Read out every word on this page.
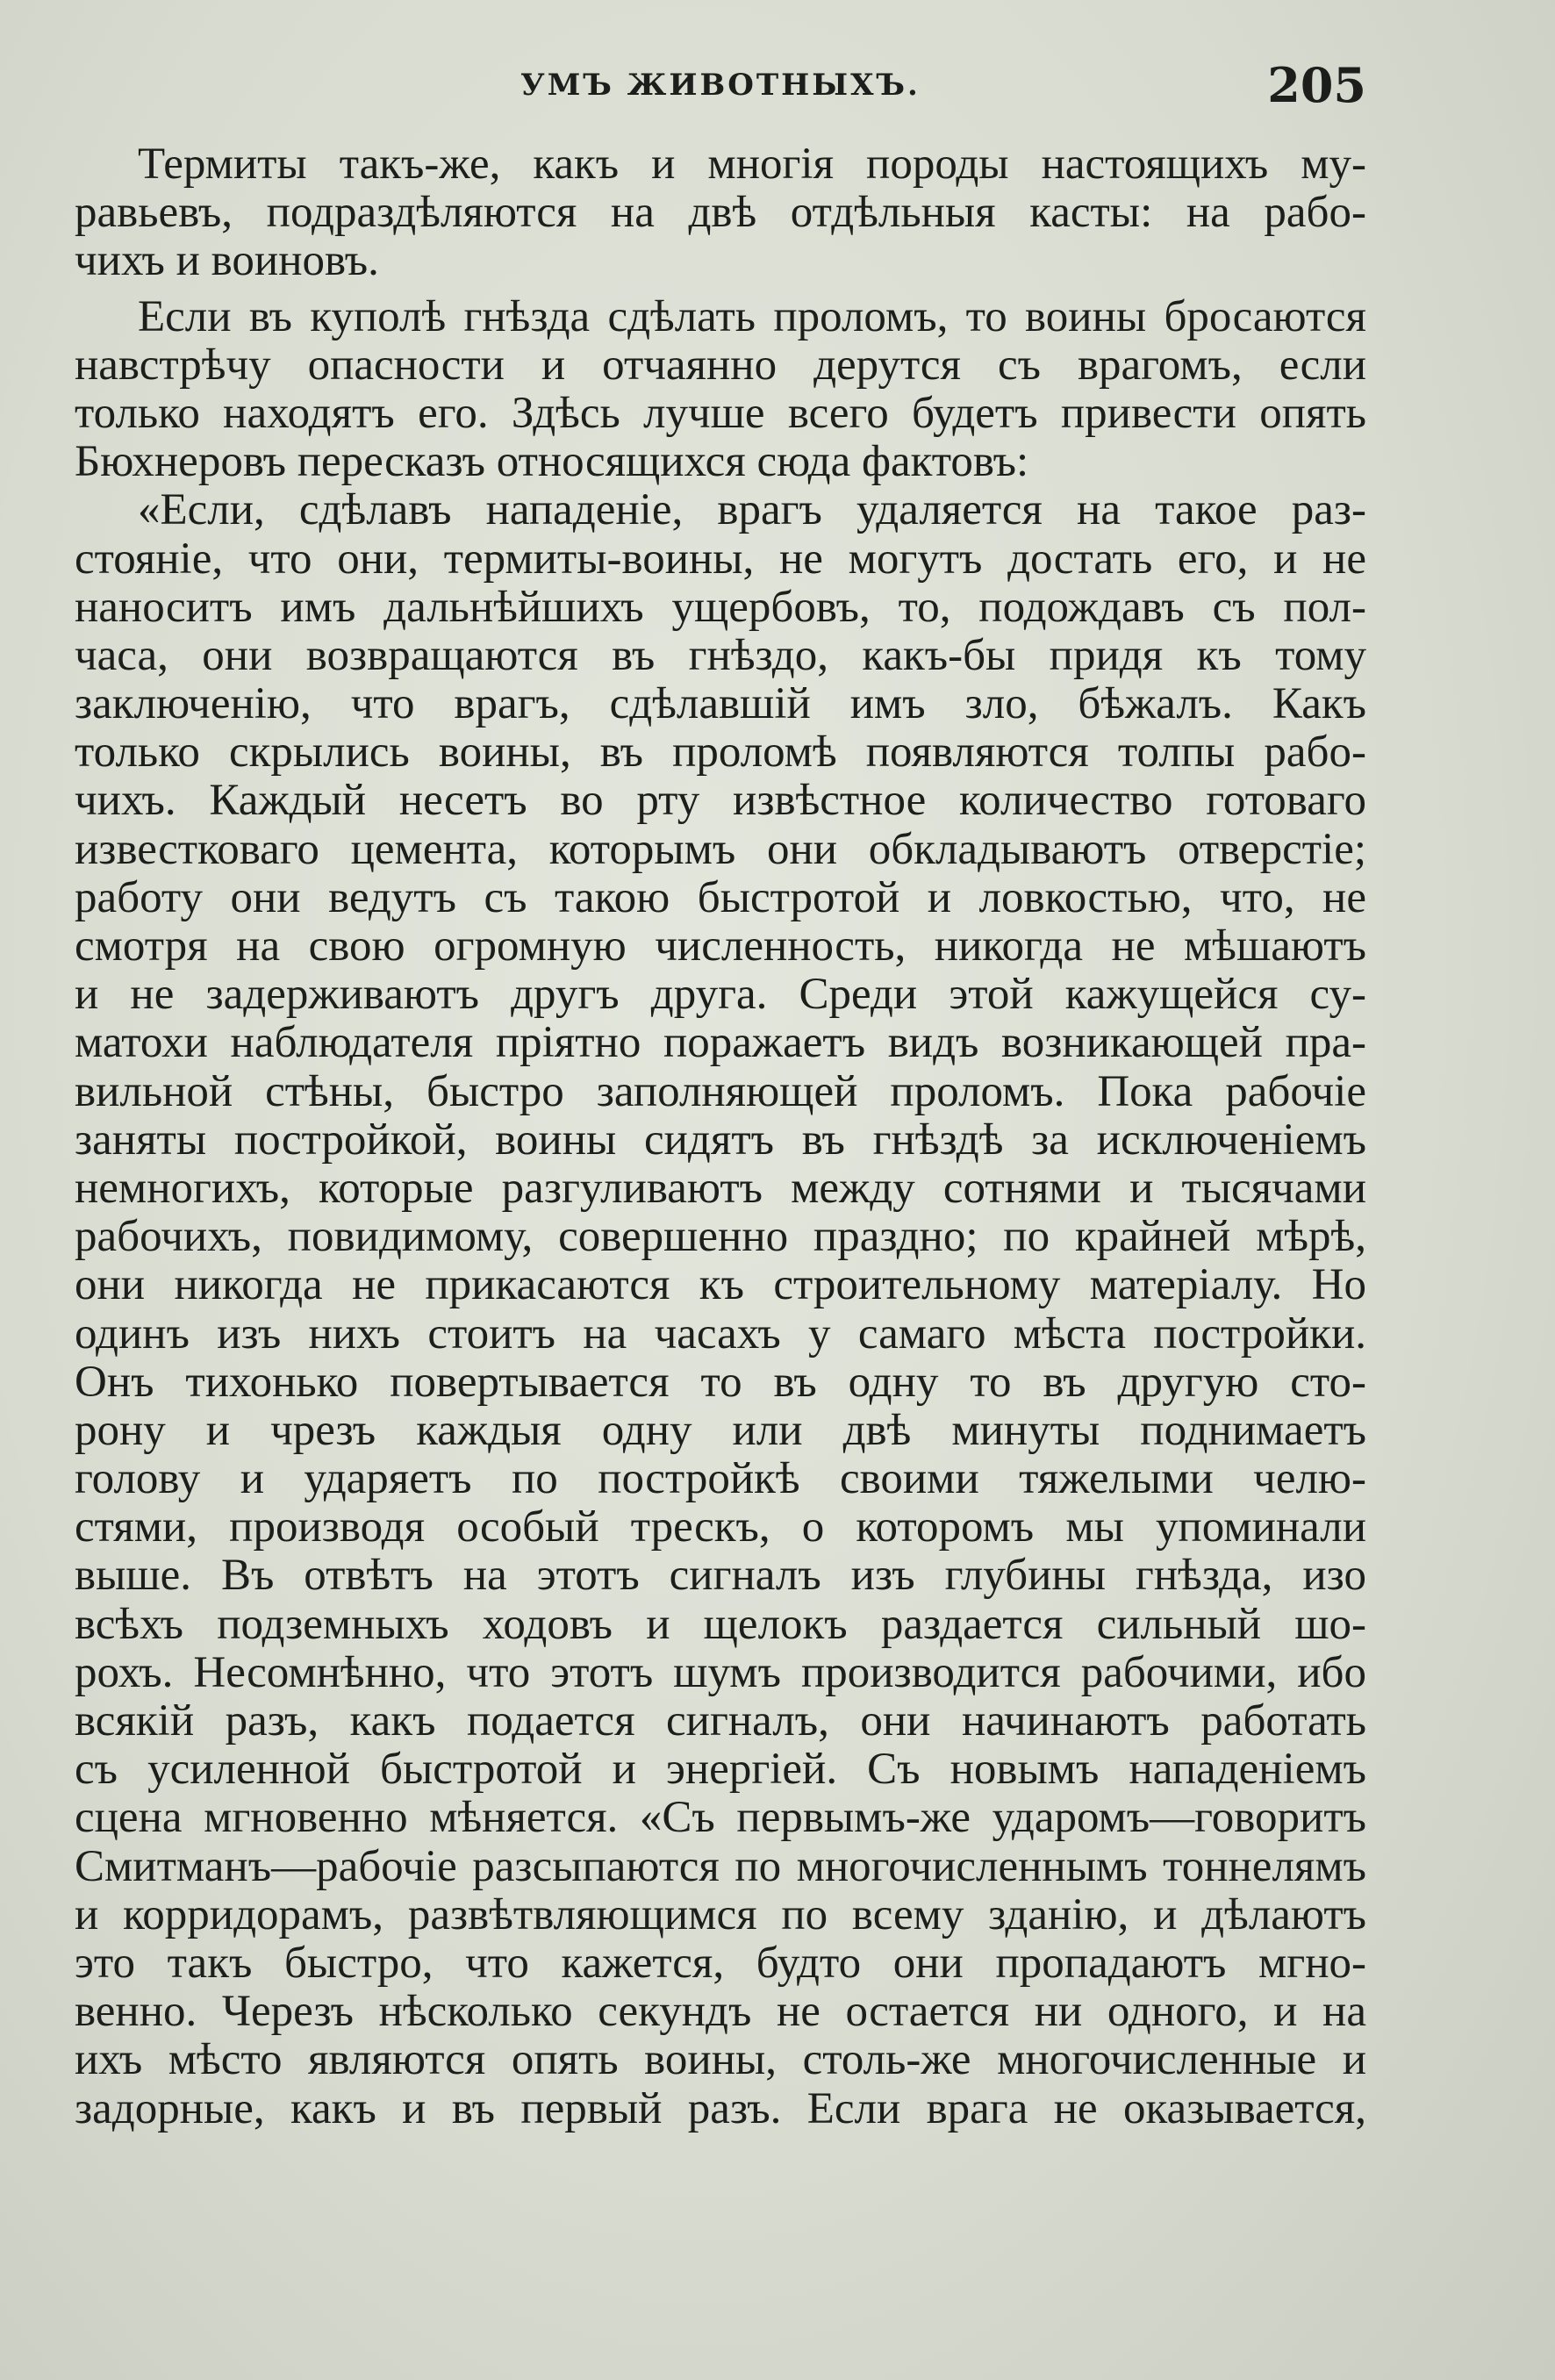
УМЪ ЖИВОТНЫХЪ.	205

Термиты такъ-же, какъ и многія породы настоящихъ му-
равьевъ, подраздѣляются на двѣ отдѣльныя касты: на рабо-
чихъ и воиновъ.

Если въ куполѣ гнѣзда сдѣлать проломъ, то воины бросаются
навстрѣчу опасности и отчаянно дерутся съ врагомъ, если
только находятъ его. Здѣсь лучше всего будетъ привести опять
Бюхнеровъ пересказъ относящихся сюда фактовъ:
«Если, сдѣлавъ нападеніе, врагъ удаляется на такое раз-
стояніе, что они, термиты-воины, не могутъ достать его, и не
наноситъ имъ дальнѣйшихъ ущербовъ, то, подождавъ съ пол-
часа, они возвращаются въ гнѣздо, какъ-бы придя къ тому
заключенію, что врагъ, сдѣлавшій имъ зло, бѣжалъ. Какъ
только скрылись воины, въ проломѣ появляются толпы рабо-
чихъ. Каждый несетъ во рту извѣстное количество готоваго
известковаго цемента, которымъ они обкладываютъ отверстіе;
работу они ведутъ съ такою быстротой и ловкостью, что, не
смотря на свою огромную численность, никогда не мѣшаютъ
и не задерживаютъ другъ друга. Среди этой кажущейся су-
матохи наблюдателя пріятно поражаетъ видъ возникающей пра-
вильной стѣны, быстро заполняющей проломъ. Пока рабочіе
заняты постройкой, воины сидятъ въ гнѣздѣ за исключеніемъ
немногихъ, которые разгуливаютъ между сотнями и тысячами
рабочихъ, повидимому, совершенно праздно; по крайней мѣрѣ,
они никогда не прикасаются къ строительному матеріалу. Но
одинъ изъ нихъ стоитъ на часахъ у самаго мѣста постройки.
Онъ тихонько повертывается то въ одну то въ другую сто-
рону и чрезъ каждыя одну или двѣ минуты поднимаетъ
голову и ударяетъ по постройкѣ своими тяжелыми челю-
стями, производя особый трескъ, о которомъ мы упоминали
выше. Въ отвѣтъ на этотъ сигналъ изъ глубины гнѣзда, изо
всѣхъ подземныхъ ходовъ и щелокъ раздается сильный шо-
рохъ. Несомнѣнно, что этотъ шумъ производится рабочими, ибо
всякій разъ, какъ подается сигналъ, они начинаютъ работать
съ усиленной быстротой и энергіей. Съ новымъ нападеніемъ
сцена мгновенно мѣняется. «Съ первымъ-же ударомъ—говоритъ
Смитманъ—рабочіе разсыпаются по многочисленнымъ тоннелямъ
и корридорамъ, развѣтвляющимся по всему зданію, и дѣлаютъ
это такъ быстро, что кажется, будто они пропадаютъ мгно-
венно. Черезъ нѣсколько секундъ не остается ни одного, и на
ихъ мѣсто являются опять воины, столь-же многочисленные и
задорные, какъ и въ первый разъ. Если врага не оказывается,
